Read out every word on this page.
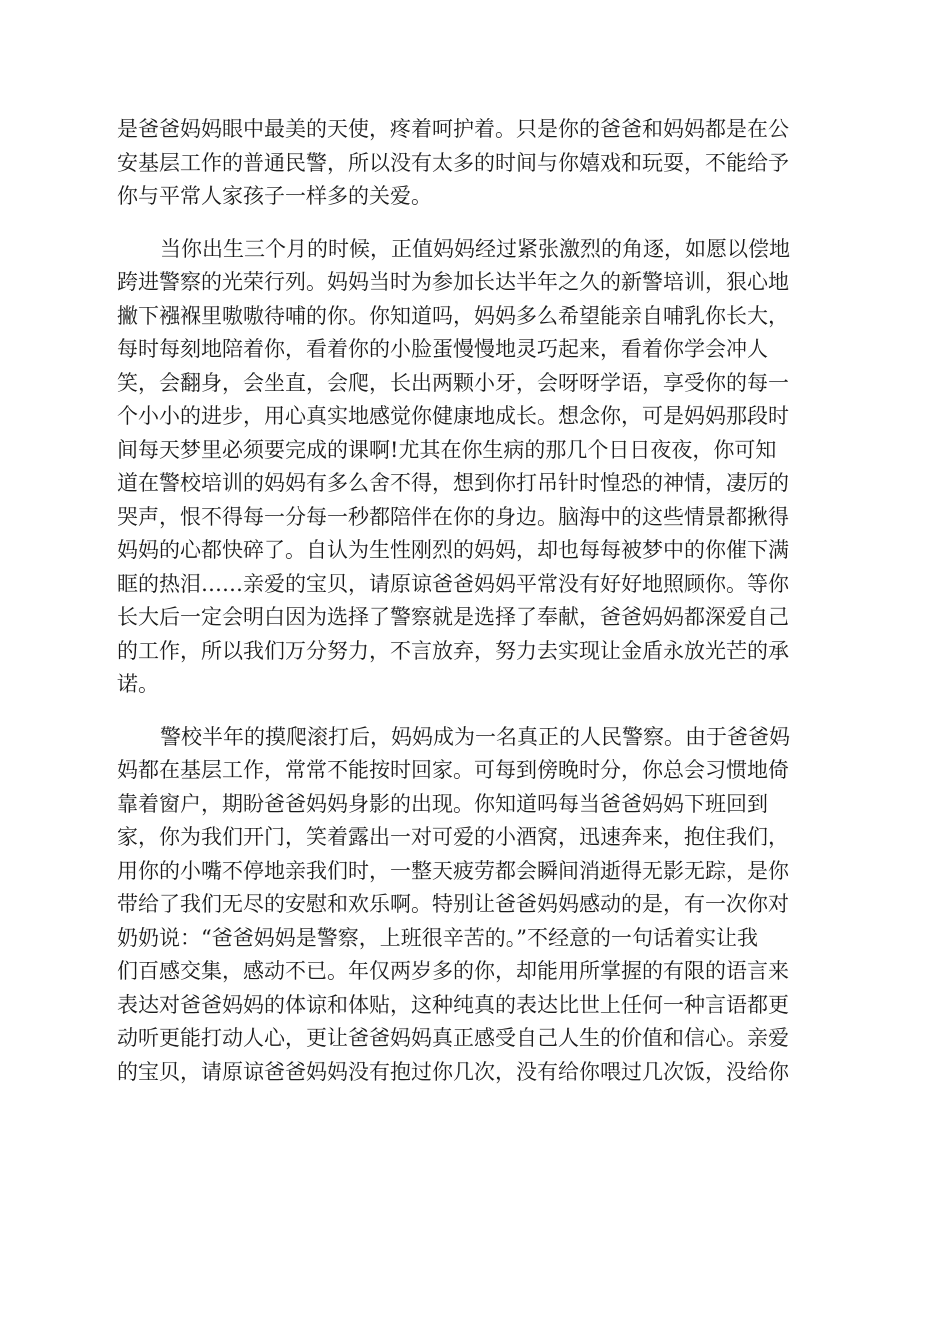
是爸爸妈妈眼中最美的天使，疼着呵护着。只是你的爸爸和妈妈都是在公
安基层工作的普通民警，所以没有太多的时间与你嬉戏和玩耍，不能给予
你与平常人家孩子一样多的关爱。
当你出生三个月的时候，正值妈妈经过紧张激烈的角逐，如愿以偿地
跨进警察的光荣行列。妈妈当时为参加长达半年之久的新警培训，狠心地
撇下襁褓里嗷嗷待哺的你。你知道吗，妈妈多么希望能亲自哺乳你长大，
每时每刻地陪着你，看着你的小脸蛋慢慢地灵巧起来，看着你学会冲人
笑，会翻身，会坐直，会爬，长出两颗小牙，会呀呀学语，享受你的每一
个小小的进步，用心真实地感觉你健康地成长。想念你，可是妈妈那段时
间每天梦里必须要完成的课啊!尤其在你生病的那几个日日夜夜，你可知
道在警校培训的妈妈有多么舍不得，想到你打吊针时惶恐的神情，凄厉的
哭声，恨不得每一分每一秒都陪伴在你的身边。脑海中的这些情景都揪得
妈妈的心都快碎了。自认为生性刚烈的妈妈，却也每每被梦中的你催下满
眶的热泪……亲爱的宝贝，请原谅爸爸妈妈平常没有好好地照顾你。等你
长大后一定会明白因为选择了警察就是选择了奉献，爸爸妈妈都深爱自己
的工作，所以我们万分努力，不言放弃，努力去实现让金盾永放光芒的承
诺。
警校半年的摸爬滚打后，妈妈成为一名真正的人民警察。由于爸爸妈
妈都在基层工作，常常不能按时回家。可每到傍晚时分，你总会习惯地倚
靠着窗户，期盼爸爸妈妈身影的出现。你知道吗每当爸爸妈妈下班回到
家，你为我们开门，笑着露出一对可爱的小酒窝，迅速奔来，抱住我们，
用你的小嘴不停地亲我们时，一整天疲劳都会瞬间消逝得无影无踪，是你
带给了我们无尽的安慰和欢乐啊。特别让爸爸妈妈感动的是，有一次你对
奶奶说：“爸爸妈妈是警察，上班很辛苦的。”不经意的一句话着实让我
们百感交集，感动不已。年仅两岁多的你，却能用所掌握的有限的语言来
表达对爸爸妈妈的体谅和体贴，这种纯真的表达比世上任何一种言语都更
动听更能打动人心，更让爸爸妈妈真正感受自己人生的价值和信心。亲爱
的宝贝，请原谅爸爸妈妈没有抱过你几次，没有给你喂过几次饭，没给你
